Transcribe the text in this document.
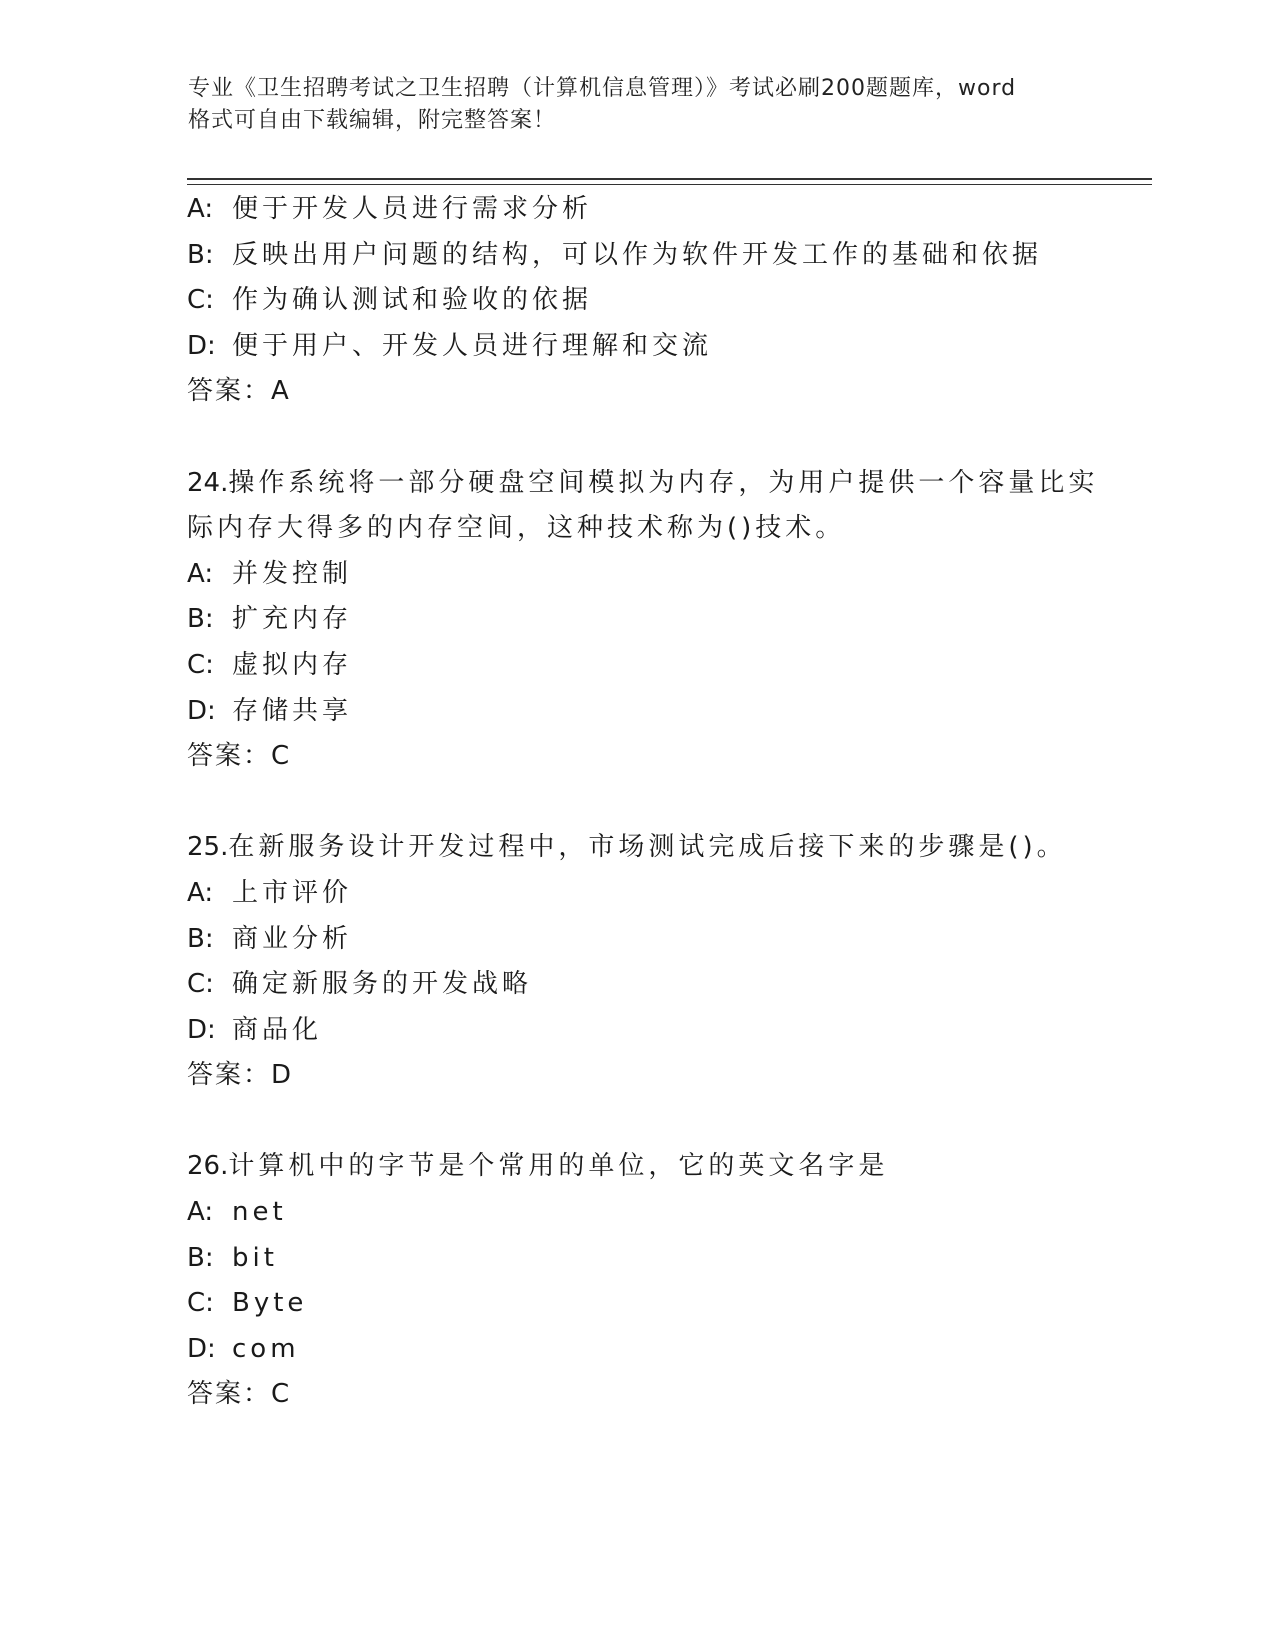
专业《卫生招聘考试之卫生招聘（计算机信息管理）》考试必刷200题题库，word
格式可自由下载编辑，附完整答案！
A: 便于开发人员进行需求分析
B: 反映出用户问题的结构，可以作为软件开发工作的基础和依据
C: 作为确认测试和验收的依据
D: 便于用户、开发人员进行理解和交流
答案：A
24.操作系统将一部分硬盘空间模拟为内存，为用户提供一个容量比实
际内存大得多的内存空间，这种技术称为()技术。
A: 并发控制
B: 扩充内存
C: 虚拟内存
D: 存储共享
答案：C
25.在新服务设计开发过程中，市场测试完成后接下来的步骤是()。
A: 上市评价
B: 商业分析
C: 确定新服务的开发战略
D: 商品化
答案：D
26.计算机中的字节是个常用的单位，它的英文名字是
A: net
B: bit
C: Byte
D: com
答案：C
